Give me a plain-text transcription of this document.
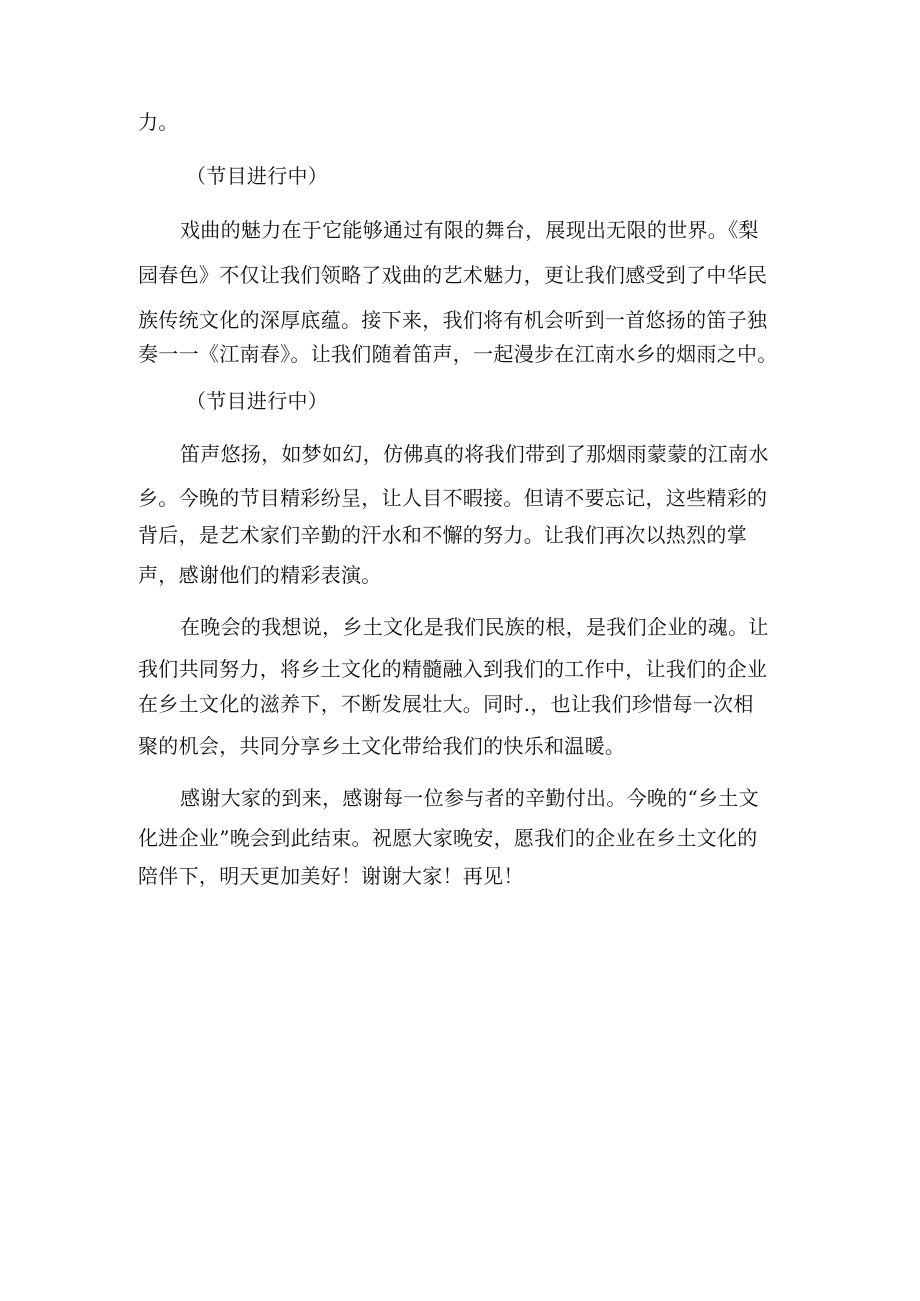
力。

（节目进行中）

戏曲的魅力在于它能够通过有限的舞台，展现出无限的世界。《梨

园春色》不仅让我们领略了戏曲的艺术魅力，更让我们感受到了中华民

族传统文化的深厚底蕴。接下来，我们将有机会听到一首悠扬的笛子独

奏一一《江南春》。让我们随着笛声，一起漫步在江南水乡的烟雨之中。

（节目进行中）

笛声悠扬，如梦如幻，仿佛真的将我们带到了那烟雨蒙蒙的江南水

乡。今晚的节目精彩纷呈，让人目不暇接。但请不要忘记，这些精彩的

背后，是艺术家们辛勤的汗水和不懈的努力。让我们再次以热烈的掌

声，感谢他们的精彩表演。

在晚会的我想说，乡土文化是我们民族的根，是我们企业的魂。让

我们共同努力，将乡土文化的精髓融入到我们的工作中，让我们的企业

在乡土文化的滋养下，不断发展壮大。同时.，也让我们珍惜每一次相

聚的机会，共同分享乡土文化带给我们的快乐和温暖。

感谢大家的到来，感谢每一位参与者的辛勤付出。今晚的“乡土文

化进企业”晚会到此结束。祝愿大家晚安，愿我们的企业在乡土文化的

陪伴下，明天更加美好！谢谢大家！再见！
